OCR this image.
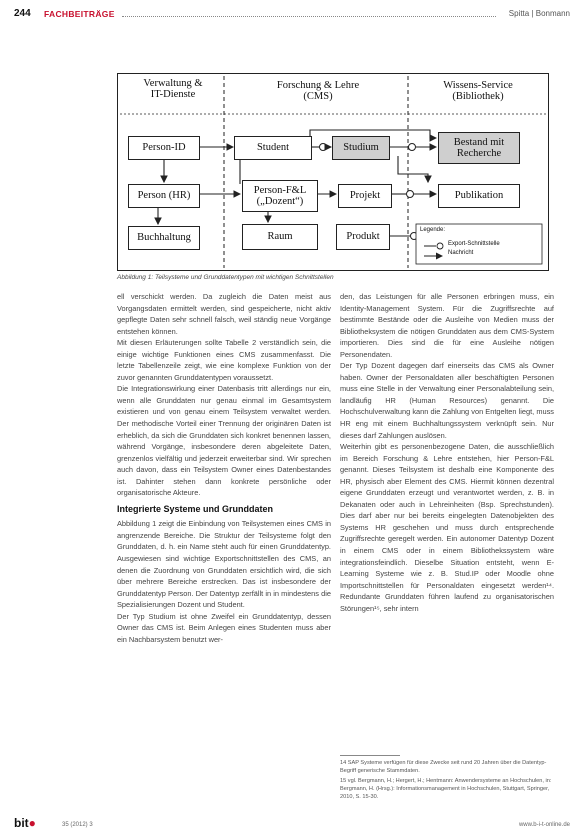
244 FACHBEITRÄGE	Spitta | Bonmann
Verwaltung &
IT-Dienste
Forschung & Lehre
(CMS)
Wissens-Service
(Bibliothek)
Person-ID	Student	Studium	Bestand mit
Recherche
Person (HR)	Person-F&L
(„Dozent“)
Projekt	Publikation
Buchhaltung	Raum	Produkt
Legende:
Export-Schnittstelle
Nachricht
Abbildung 1: Teilsysteme und Grunddatentypen mit wichtigen Schnittstellen

ell verschickt werden. Da zugleich die Daten meist aus Vorgangsdaten ermittelt werden, sind gespeicherte, nicht aktiv gepflegte Daten sehr schnell falsch, weil ständig neue Vorgänge entstehen können.

Mit diesen Erläuterungen sollte Tabelle 2 verständlich sein, die einige wichtige Funktionen eines CMS zusammenfasst. Die letzte Tabellenzeile zeigt, wie eine komplexe Funktion von der zuvor genannten Grunddatentypen voraussetzt.

Die Integrationswirkung einer Datenbasis tritt allerdings nur ein, wenn alle Grunddaten nur genau einmal im Gesamtsystem existieren und von genau einem Teilsystem verwaltet werden. Der methodische Vorteil einer Trennung der originären Daten ist erheblich, da sich die Grunddaten sich konkret benennen lassen, während Vorgänge, insbesondere deren abgeleitete Daten, grenzenlos vielfältig und jederzeit erweiterbar sind. Wir sprechen auch davon, dass ein Teilsystem Owner eines Datenbestandes ist. Dahinter stehen dann konkrete persönliche oder organisatorische Akteure.

Integrierte Systeme und Grunddaten

Abbildung 1 zeigt die Einbindung von Teilsystemen eines CMS in angrenzende Bereiche. Die Struktur der Teilsysteme folgt den Grunddaten, d. h. ein Name steht auch für einen Grunddatentyp. Ausgewiesen sind wichtige Exportschnittstellen des CMS, an denen die Zuordnung von Grunddaten ersichtlich wird, die sich über mehrere Bereiche erstrecken. Das ist insbesondere der Grunddatentyp Person. Der Datentyp zerfällt in in mindestens die Spezialisierungen Dozent und Student.

Der Typ Studium ist ohne Zweifel ein Grunddatentyp, dessen Owner das CMS ist. Beim Anlegen eines Studenten muss aber ein Nachbarsystem benutzt wer-

den, das Leistungen für alle Personen erbringen muss, ein Identity-Management System. Für die Zugriffsrechte auf bestimmte Bestände oder die Ausleihe von Medien muss der Bibliotheksystem die nötigen Grunddaten aus dem CMS-System importieren. Dies sind die für eine Ausleihe nötigen Personendaten.

Der Typ Dozent dagegen darf einerseits das CMS als Owner haben. Owner der Personaldaten aller beschäftigten Personen muss eine Stelle in der Verwaltung einer Personalabteilung sein, landläufig HR (Human Resources) genannt. Die Hochschulverwaltung kann die Zahlung von Entgelten liegt, muss HR eng mit einem Buchhaltungssystem verknüpft sein. Nur dieses darf Zahlungen auslösen.

Weiterhin gibt es personenbezogene Daten, die ausschließlich im Bereich Forschung & Lehre entstehen, hier Person-F&L genannt. Dieses Teilsystem ist deshalb eine Komponente des HR, physisch aber Element des CMS. Hiermit können dezentral eigene Grunddaten erzeugt und verantwortet werden, z. B. in Dekanaten oder auch in Lehreinheiten (Bsp. Sprechstunden). Dies darf aber nur bei bereits eingelegten Datenobjekten des Systems HR geschehen und muss durch entsprechende Zugriffsrechte geregelt werden. Ein autonomer Datentyp Dozent in einem CMS oder in einem Bibliothekssystem wäre integrationsfeindlich. Dieselbe Situation entsteht, wenn E-Learning Systeme wie z. B. Stud.IP oder Moodle ohne Importschnittstellen für Personaldaten eingesetzt werden¹⁴. Redundante Grunddaten führen laufend zu organisatorischen Störungen¹⁵, sehr intern

14 SAP Systeme verfügen für diese Zwecke seit rund 20 Jahren über die Datentyp-Begriff generische Stammdaten.

15 vgl. Bergmann, H.; Hergert, H.; Hentmann: Anwendersysteme an Hochschulen, in: Bergmann, H. (Hrsg.): Informationsmanagement in Hochschulen, Stuttgart, Springer, 2010, S. 15-30.

bit●	35 (2012) 3	www.b-i-t-online.de
